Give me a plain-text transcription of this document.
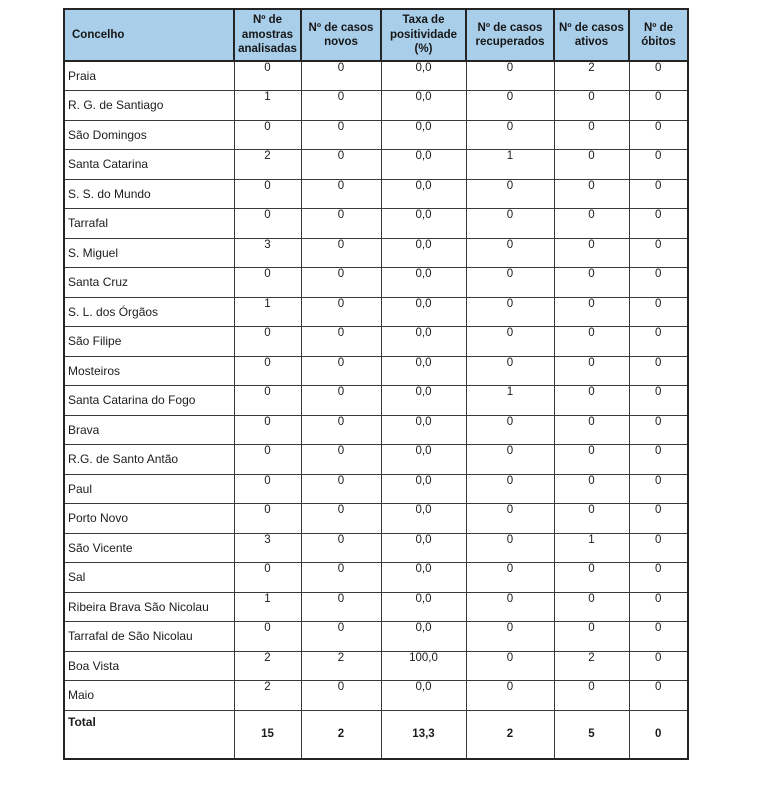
Concelho	Nº de amostras analisadas	Nº de casos novos	Taxa de positividade (%)	Nº de casos recuperados	Nº de casos ativos	Nº de óbitos
Praia	0	0	0,0	0	2	0
R. G. de Santiago	1	0	0,0	0	0	0
São Domingos	0	0	0,0	0	0	0
Santa Catarina	2	0	0,0	1	0	0
S. S. do Mundo	0	0	0,0	0	0	0
Tarrafal	0	0	0,0	0	0	0
S. Miguel	3	0	0,0	0	0	0
Santa Cruz	0	0	0,0	0	0	0
S. L. dos Órgãos	1	0	0,0	0	0	0
São Filipe	0	0	0,0	0	0	0
Mosteiros	0	0	0,0	0	0	0
Santa Catarina do Fogo	0	0	0,0	1	0	0
Brava	0	0	0,0	0	0	0
R.G. de Santo Antão	0	0	0,0	0	0	0
Paul	0	0	0,0	0	0	0
Porto Novo	0	0	0,0	0	0	0
São Vicente	3	0	0,0	0	1	0
Sal	0	0	0,0	0	0	0
Ribeira Brava São Nicolau	1	0	0,0	0	0	0
Tarrafal de São Nicolau	0	0	0,0	0	0	0
Boa Vista	2	2	100,0	0	2	0
Maio	2	0	0,0	0	0	0
Total	15	2	13,3	2	5	0
